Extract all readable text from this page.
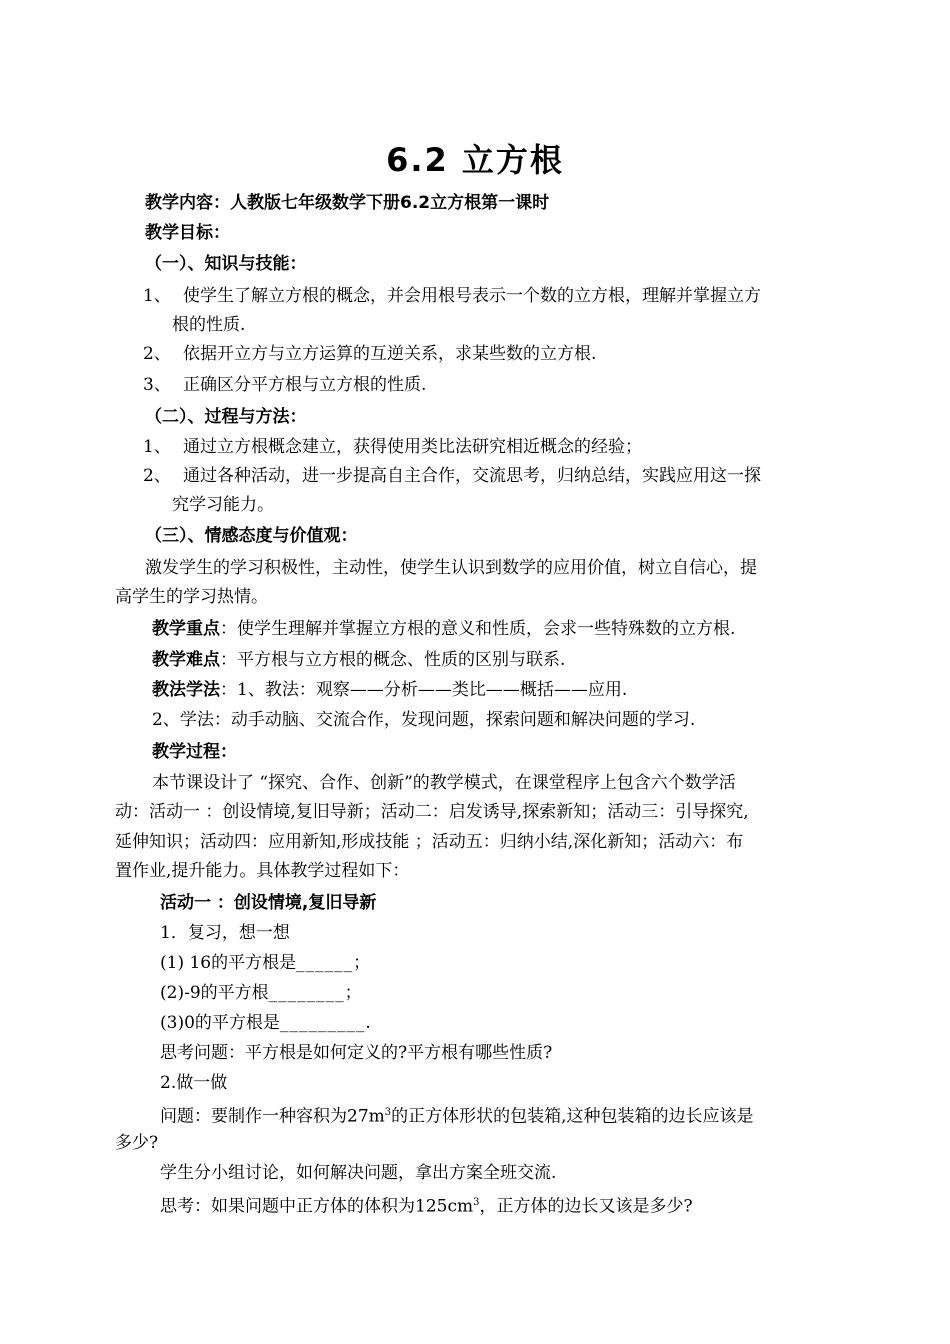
6.2 立方根
教学内容：人教版七年级数学下册6.2立方根第一课时
教学目标：
（一）、知识与技能：
1、 使学生了解立方根的概念，并会用根号表示一个数的立方根，理解并掌握立方
根的性质.
2、 依据开立方与立方运算的互逆关系，求某些数的立方根.
3、 正确区分平方根与立方根的性质.
（二）、过程与方法：
1、 通过立方根概念建立，获得使用类比法研究相近概念的经验；
2、 通过各种活动，进一步提高自主合作，交流思考，归纳总结，实践应用这一探
究学习能力。
（三）、情感态度与价值观：
激发学生的学习积极性，主动性，使学生认识到数学的应用价值，树立自信心，提
高学生的学习热情。
教学重点：使学生理解并掌握立方根的意义和性质，会求一些特殊数的立方根.
教学难点：平方根与立方根的概念、性质的区别与联系.
教法学法：1、教法：观察——分析——类比——概括——应用.
2、学法：动手动脑、交流合作，发现问题，探索问题和解决问题的学习.
教学过程：
本节课设计了 “探究、合作、创新”的教学模式，在课堂程序上包含六个数学活
动：活动一 ：创设情境,复旧导新；活动二：启发诱导,探索新知；活动三：引导探究,
延伸知识；活动四：应用新知,形成技能 ；活动五：归纳小结,深化新知；活动六：布
置作业,提升能力。具体教学过程如下：
活动一 ：创设情境,复旧导新
1．复习，想一想
(1) 16的平方根是______；
(2)-9的平方根________；
(3)0的平方根是_________.
思考问题：平方根是如何定义的?平方根有哪些性质?
2.做一做
问题：要制作一种容积为$27m^3$的正方体形状的包装箱,这种包装箱的边长应该是
多少?
学生分小组讨论，如何解决问题，拿出方案全班交流.
思考：如果问题中正方体的体积为$125cm^3$，正方体的边长又该是多少?
